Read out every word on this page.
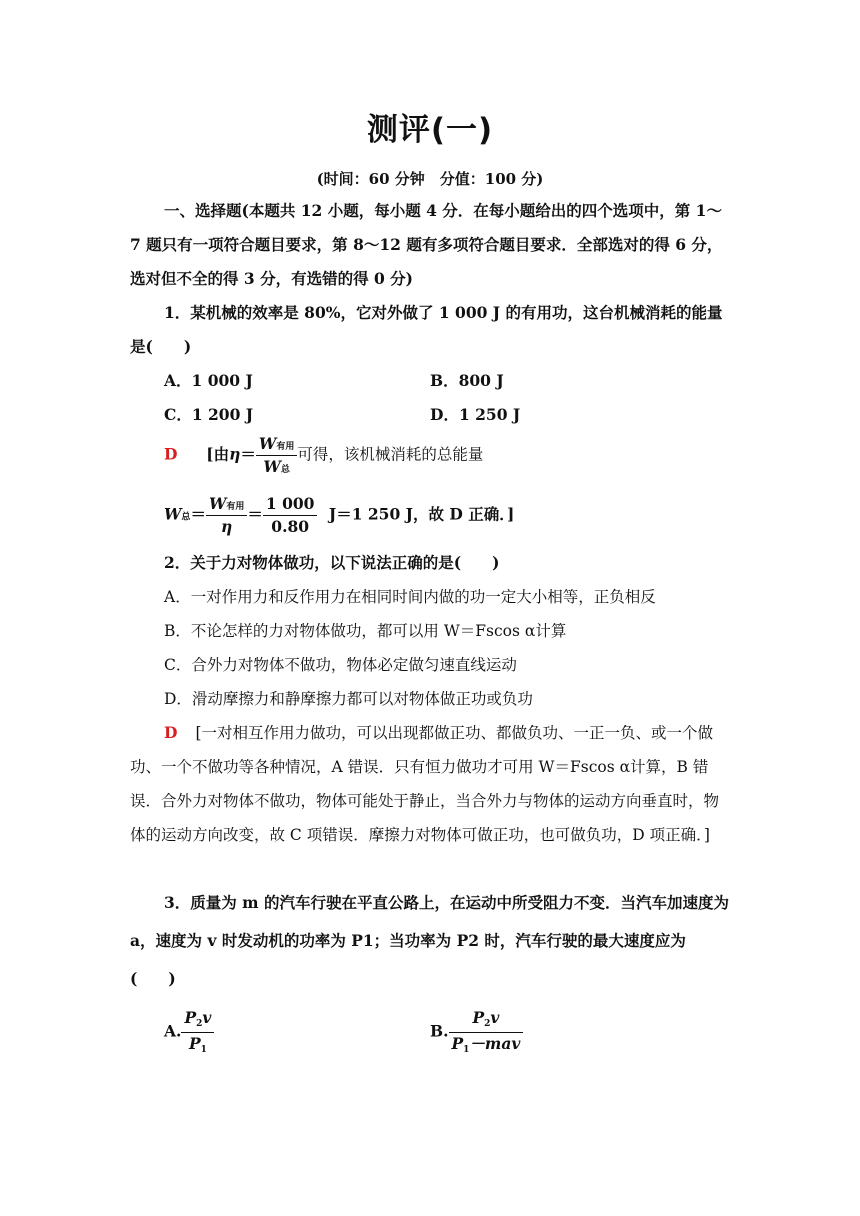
测评(一)
(时间：60 分钟　分值：100 分)
一、选择题(本题共 12 小题，每小题 4 分．在每小题给出的四个选项中，第 1～7 题只有一项符合题目要求，第 8～12 题有多项符合题目要求．全部选对的得 6 分，选对但不全的得 3 分，有选错的得 0 分)
1．某机械的效率是 80%，它对外做了 1 000 J 的有用功，这台机械消耗的能量是(　　)
A．1 000 J	B．800 J
C．1 200 J	D．1 250 J
D [由$\eta= \frac{\text{W有用}}{\text{W总}}$ 可得，该机械消耗的总能量
W总＝ $\frac{\text{W有用}}{\eta} = \frac{1 000}{0.80} J=1$ 250 J，故 D 正确．]
2．关于力对物体做功，以下说法正确的是(　　)
A．一对作用力和反作用力在相同时间内做的功一定大小相等，正负相反
B．不论怎样的力对物体做功，都可以用 W＝Fscos α计算
C．合外力对物体不做功，物体必定做匀速直线运动
D．滑动摩擦力和静摩擦力都可以对物体做正功或负功
D [一对相互作用力做功，可以出现都做正功、都做负功、一正一负、或一个做功、一个不做功等各种情况，A 错误．只有恒力做功才可用 W＝Fscos α计算，B 错误．合外力对物体不做功，物体可能处于静止，当合外力与物体的运动方向垂直时，物体的运动方向改变，故 C 项错误．摩擦力对物体可做正功，也可做负功，D 项正确．]
3．质量为 m 的汽车行驶在平直公路上，在运动中所受阻力不变．当汽车加速度为 a，速度为 v 时发动机的功率为 P1；当功率为 P2 时，汽车行驶的最大速度应为(　　)
A. $\frac{P_2v}{P_1}$	B. $\frac{P_2v}{P_1-mav}$
